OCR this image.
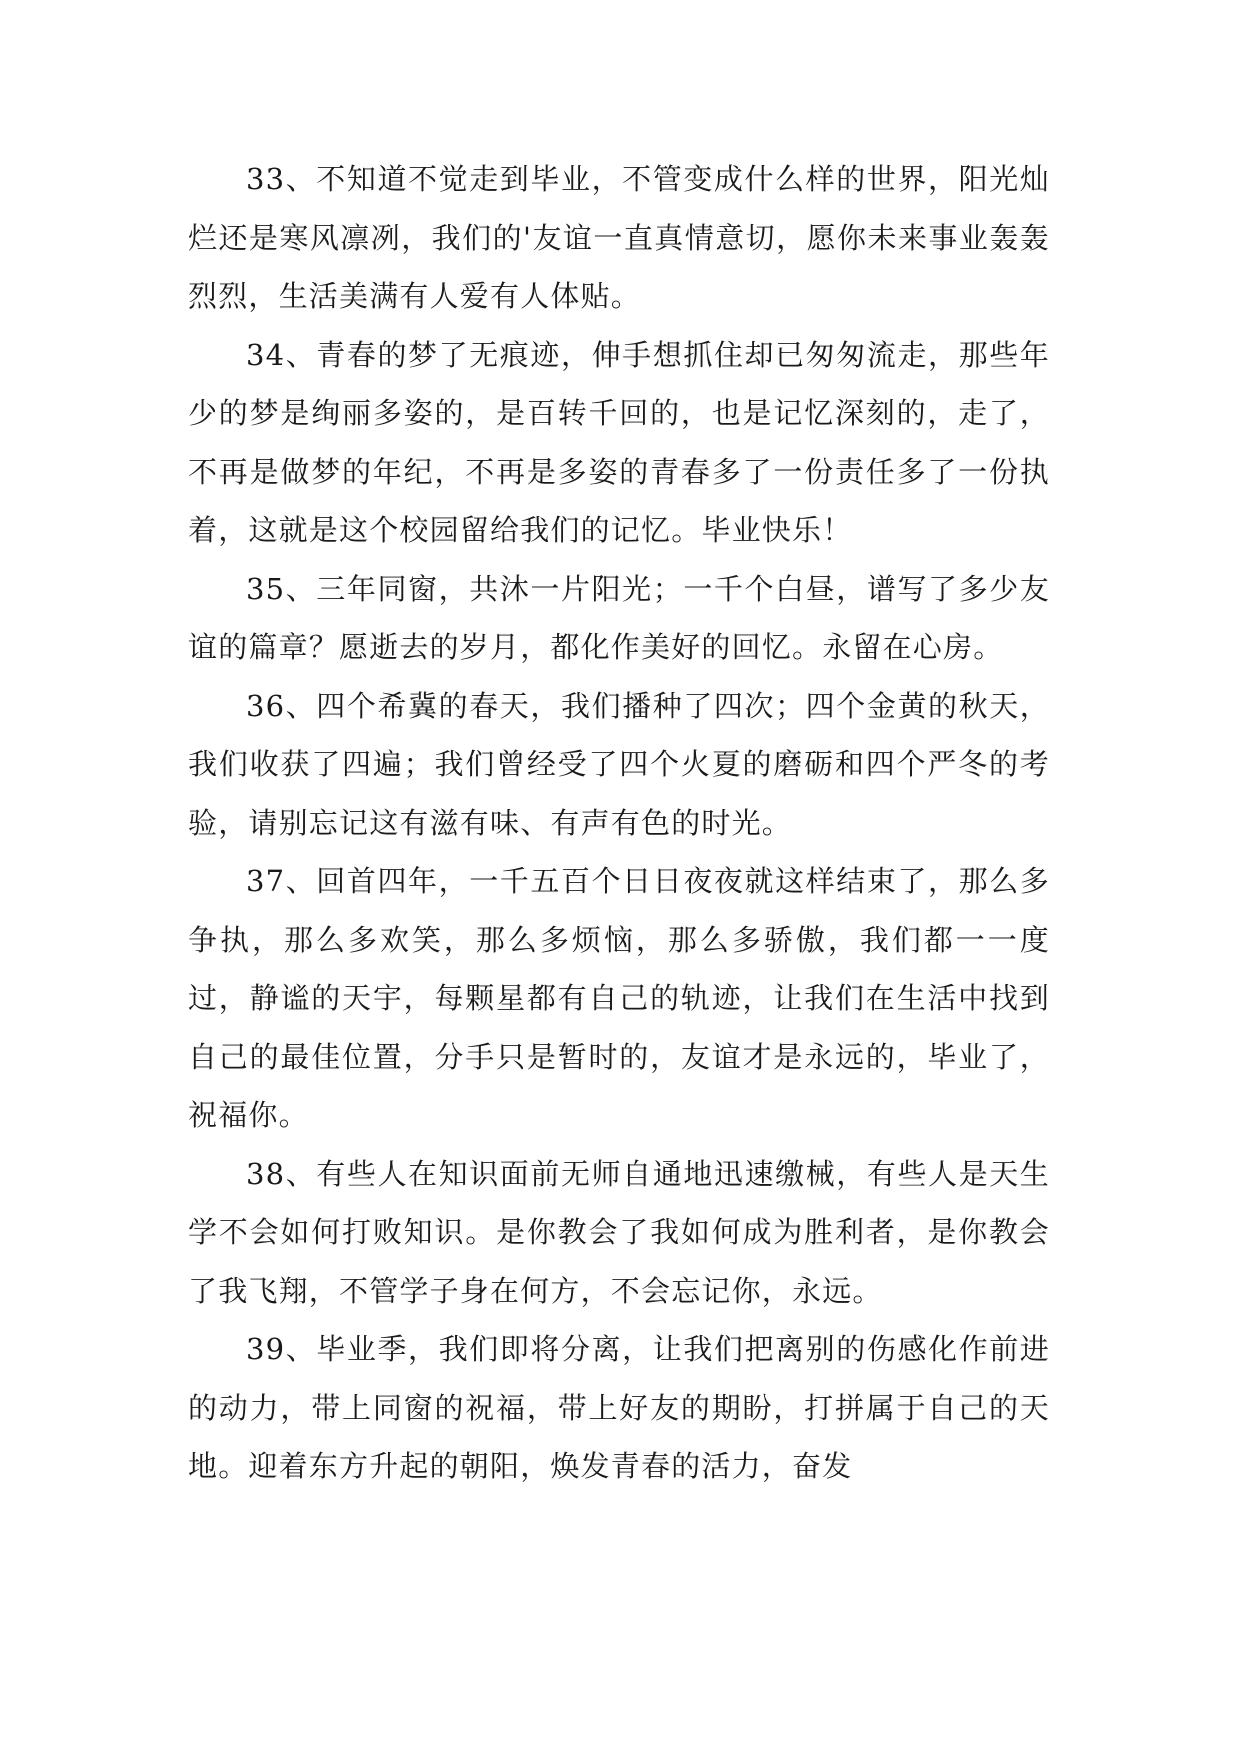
33、不知道不觉走到毕业，不管变成什么样的世界，阳光灿烂还是寒风凛冽，我们的'友谊一直真情意切，愿你未来事业轰轰烈烈，生活美满有人爱有人体贴。

34、青春的梦了无痕迹，伸手想抓住却已匆匆流走，那些年少的梦是绚丽多姿的，是百转千回的，也是记忆深刻的，走了，不再是做梦的年纪，不再是多姿的青春多了一份责任多了一份执着，这就是这个校园留给我们的记忆。毕业快乐！

35、三年同窗，共沐一片阳光；一千个白昼，谱写了多少友谊的篇章？愿逝去的岁月，都化作美好的回忆。永留在心房。

36、四个希冀的春天，我们播种了四次；四个金黄的秋天，我们收获了四遍；我们曾经受了四个火夏的磨砺和四个严冬的考验，请别忘记这有滋有味、有声有色的时光。

37、回首四年，一千五百个日日夜夜就这样结束了，那么多争执，那么多欢笑，那么多烦恼，那么多骄傲，我们都一一度过，静谧的天宇，每颗星都有自己的轨迹，让我们在生活中找到自己的最佳位置，分手只是暂时的，友谊才是永远的，毕业了，祝福你。

38、有些人在知识面前无师自通地迅速缴械，有些人是天生学不会如何打败知识。是你教会了我如何成为胜利者，是你教会了我飞翔，不管学子身在何方，不会忘记你，永远。

39、毕业季，我们即将分离，让我们把离别的伤感化作前进的动力，带上同窗的祝福，带上好友的期盼，打拼属于自己的天地。迎着东方升起的朝阳，焕发青春的活力，奋发
